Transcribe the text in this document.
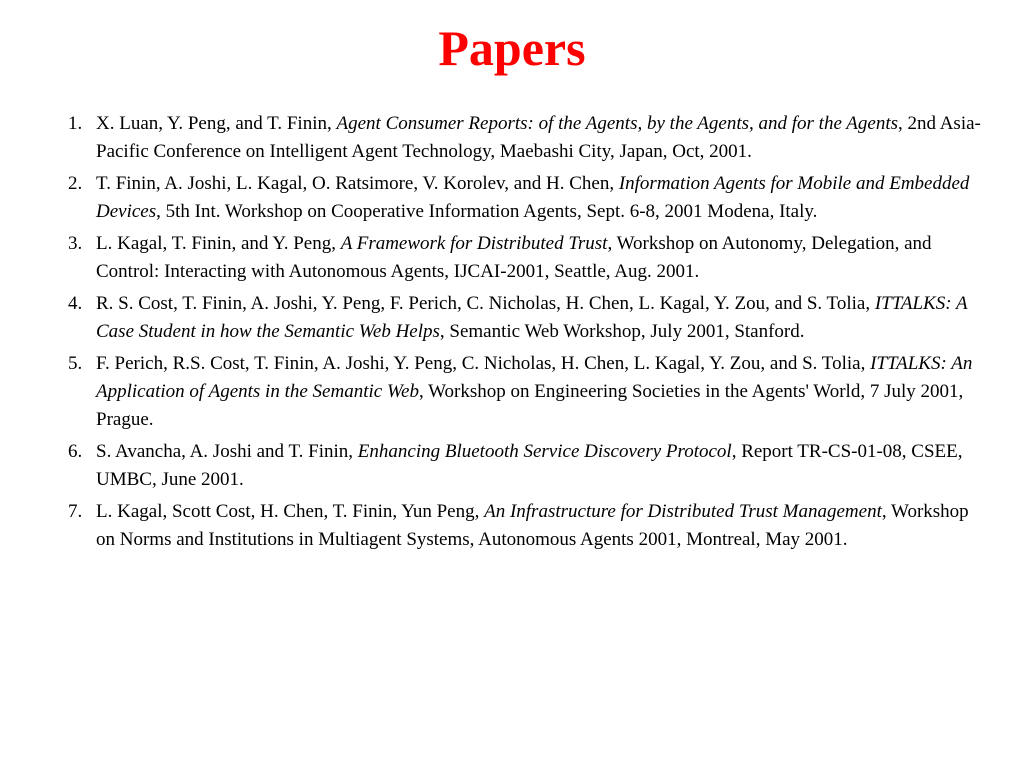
Papers
1. X. Luan, Y. Peng, and T. Finin, Agent Consumer Reports: of the Agents, by the Agents, and for the Agents, 2nd Asia-Pacific Conference on Intelligent Agent Technology, Maebashi City, Japan, Oct, 2001.
2. T. Finin, A. Joshi, L. Kagal, O. Ratsimore, V. Korolev, and H. Chen, Information Agents for Mobile and Embedded Devices, 5th Int. Workshop on Cooperative Information Agents, Sept. 6-8, 2001 Modena, Italy.
3. L. Kagal, T. Finin, and Y. Peng, A Framework for Distributed Trust, Workshop on Autonomy, Delegation, and Control: Interacting with Autonomous Agents, IJCAI-2001, Seattle, Aug. 2001.
4. R. S. Cost, T. Finin, A. Joshi, Y. Peng, F. Perich, C. Nicholas, H. Chen, L. Kagal, Y. Zou, and S. Tolia, ITTALKS: A Case Student in how the Semantic Web Helps, Semantic Web Workshop, July 2001, Stanford.
5. F. Perich, R.S. Cost, T. Finin, A. Joshi, Y. Peng, C. Nicholas, H. Chen, L. Kagal, Y. Zou, and S. Tolia, ITTALKS: An Application of Agents in the Semantic Web, Workshop on Engineering Societies in the Agents' World, 7 July 2001, Prague.
6. S. Avancha, A. Joshi and T. Finin, Enhancing Bluetooth Service Discovery Protocol, Report TR-CS-01-08, CSEE, UMBC, June 2001.
7. L. Kagal, Scott Cost, H. Chen, T. Finin, Yun Peng, An Infrastructure for Distributed Trust Management, Workshop on Norms and Institutions in Multiagent Systems, Autonomous Agents 2001, Montreal, May 2001.
